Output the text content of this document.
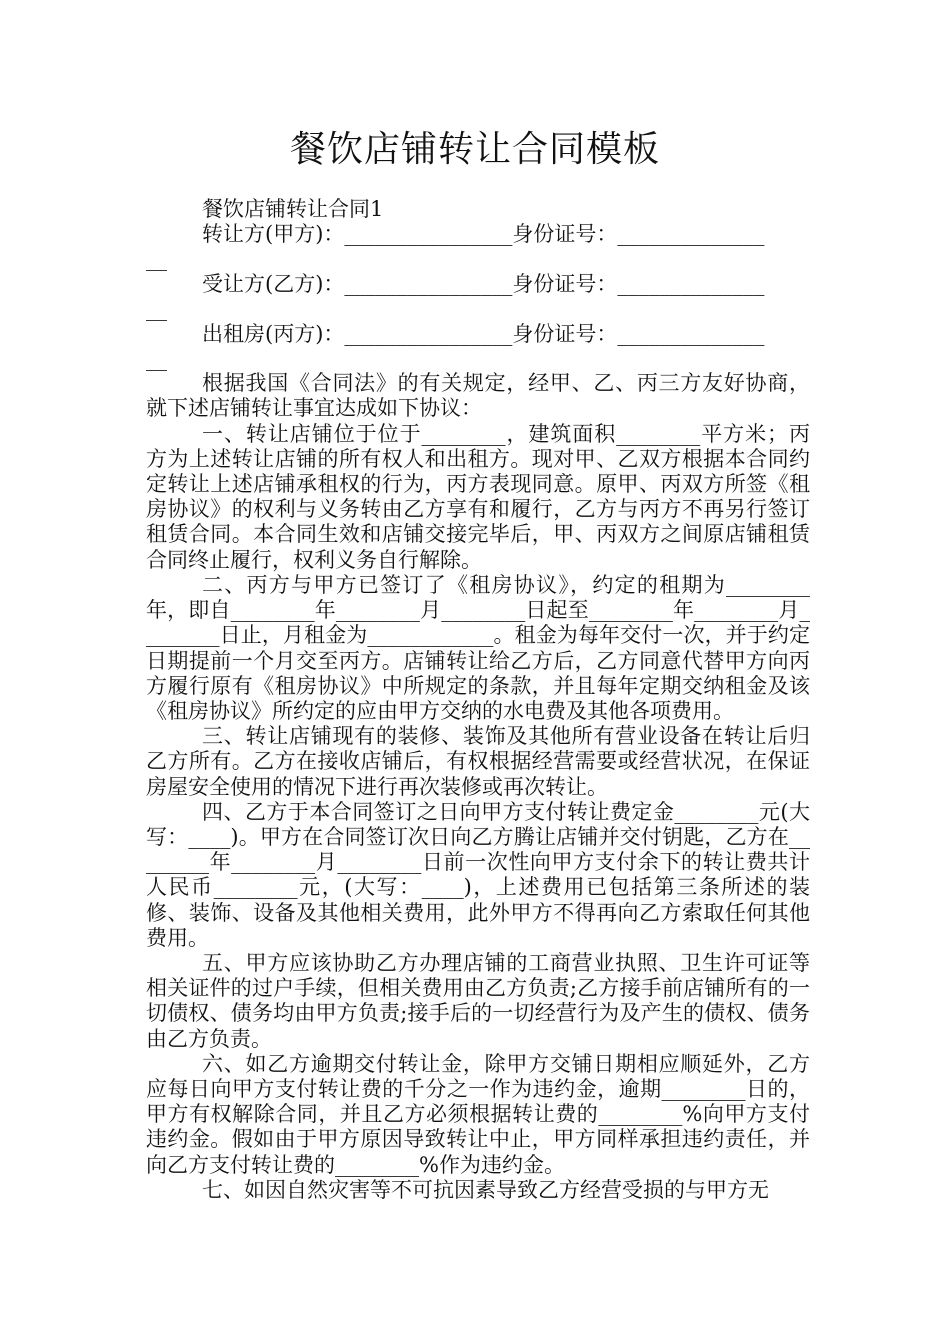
餐饮店铺转让合同模板

餐饮店铺转让合同1

转让方(甲方)：________________身份证号：______________

__

受让方(乙方)：________________身份证号：______________

__

出租房(丙方)：________________身份证号：______________

__

根据我国《合同法》的有关规定，经甲、乙、丙三方友好协商，就下述店铺转让事宜达成如下协议：

一、转让店铺位于位于________，建筑面积________平方米；丙方为上述转让店铺的所有权人和出租方。现对甲、乙双方根据本合同约定转让上述店铺承租权的行为，丙方表现同意。原甲、丙双方所签《租房协议》的权利与义务转由乙方享有和履行，乙方与丙方不再另行签订租赁合同。本合同生效和店铺交接完毕后，甲、丙双方之间原店铺租赁合同终止履行，权利义务自行解除。

二、丙方与甲方已签订了《租房协议》，约定的租期为________年，即自________年________月________日起至________年________月________日止，月租金为____________。租金为每年交付一次，并于约定日期提前一个月交至丙方。店铺转让给乙方后，乙方同意代替甲方向丙方履行原有《租房协议》中所规定的条款，并且每年定期交纳租金及该《租房协议》所约定的应由甲方交纳的水电费及其他各项费用。

三、转让店铺现有的装修、装饰及其他所有营业设备在转让后归乙方所有。乙方在接收店铺后，有权根据经营需要或经营状况，在保证房屋安全使用的情况下进行再次装修或再次转让。

四、乙方于本合同签订之日向甲方支付转让费定金________元(大写：____)。甲方在合同签订次日向乙方腾让店铺并交付钥匙，乙方在________年________月________日前一次性向甲方支付余下的转让费共计人民币________元，(大写：____)，上述费用已包括第三条所述的装修、装饰、设备及其他相关费用，此外甲方不得再向乙方索取任何其他费用。

五、甲方应该协助乙方办理店铺的工商营业执照、卫生许可证等相关证件的过户手续，但相关费用由乙方负责;乙方接手前店铺所有的一切债权、债务均由甲方负责;接手后的一切经营行为及产生的债权、债务由乙方负责。

六、如乙方逾期交付转让金，除甲方交铺日期相应顺延外，乙方应每日向甲方支付转让费的千分之一作为违约金，逾期________日的，甲方有权解除合同，并且乙方必须根据转让费的________%向甲方支付违约金。假如由于甲方原因导致转让中止，甲方同样承担违约责任，并向乙方支付转让费的________%作为违约金。

七、如因自然灾害等不可抗因素导致乙方经营受损的与甲方无
